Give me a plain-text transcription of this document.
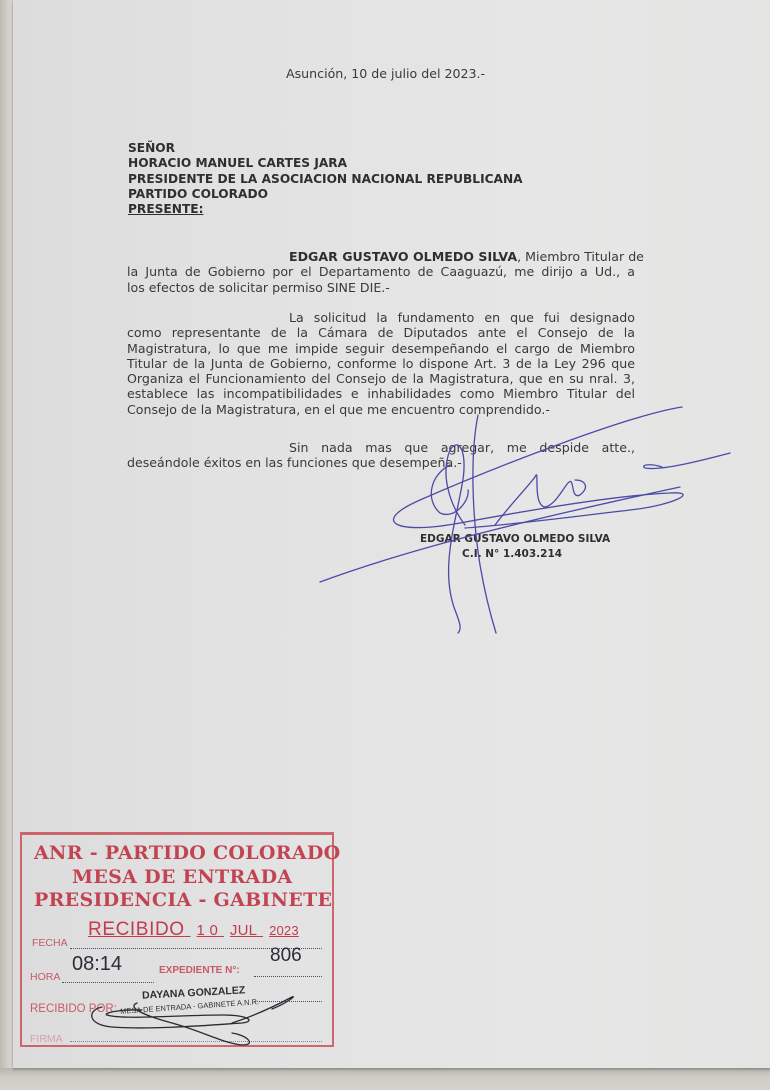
Asunción, 10 de julio del 2023.-
SEÑOR
HORACIO MANUEL CARTES JARA
PRESIDENTE DE LA ASOCIACION NACIONAL REPUBLICANA
PARTIDO COLORADO
PRESENTE:
EDGAR GUSTAVO OLMEDO SILVA, Miembro Titular de
la Junta de Gobierno por el Departamento de Caaguazú, me dirijo a Ud., a
los efectos de solicitar permiso SINE DIE.-
La solicitud la fundamento en que fui designado
como representante de la Cámara de Diputados ante el Consejo de la
Magistratura, lo que me impide seguir desempeñando el cargo de Miembro
Titular de la Junta de Gobierno, conforme lo dispone Art. 3 de la Ley 296 que
Organiza el Funcionamiento del Consejo de la Magistratura, que en su nral. 3,
establece las incompatibilidades e inhabilidades como Miembro Titular del
Consejo de la Magistratura, en el que me encuentro comprendido.-
Sin nada mas que agregar, me despide atte.,
deseándole éxitos en las funciones que desempeña.-
EDGAR GUSTAVO OLMEDO SILVA
C.I. N° 1.403.214
ANR - PARTIDO COLORADO
MESA DE ENTRADA
PRESIDENCIA - GABINETE
FECHA
RECIBIDO 1 0 JUL 2023
HORA
08:14	EXPEDIENTE N°:
806
RECIBIDO POR:
DAYANA GONZALEZ
MESA DE ENTRADA - GABINETE A.N.R.
FIRMA
